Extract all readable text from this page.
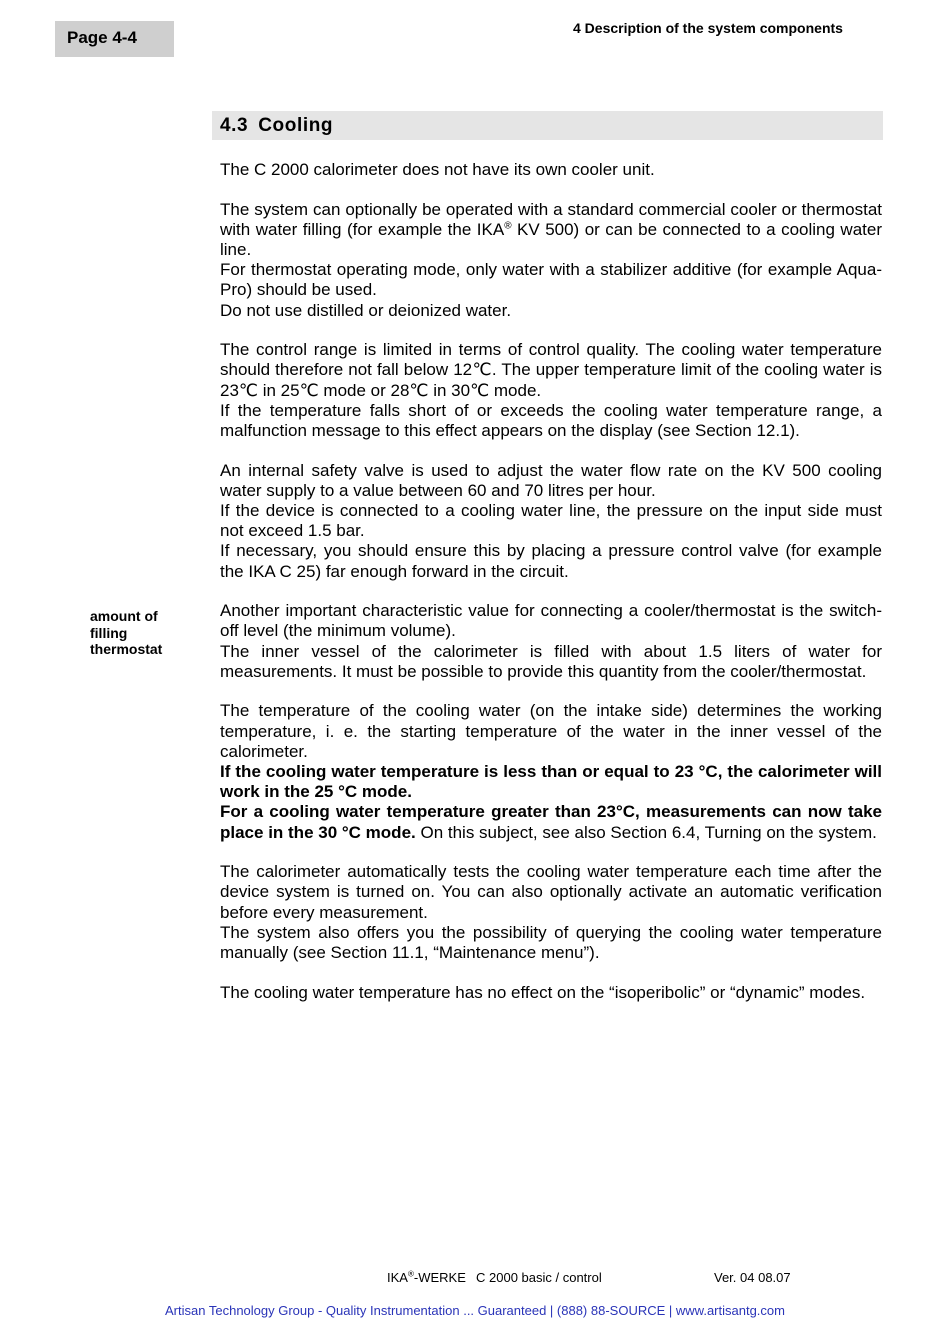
Page 4-4	4 Description of the system components
4.3 Cooling
amount of
filling
thermostat

The C 2000 calorimeter does not have its own cooler unit.

The system can optionally be operated with a standard commercial cooler or thermostat with water filling (for example the IKA® KV 500) or can be connected to a cooling water line.
For thermostat operating mode, only water with a stabilizer additive (for example Aqua-Pro) should be used.
Do not use distilled or deionized water.

The control range is limited in terms of control quality. The cooling water temperature should therefore not fall below 12℃. The upper temperature limit of the cooling water is 23℃ in 25℃ mode or 28℃ in 30℃ mode.
If the temperature falls short of or exceeds the cooling water temperature range, a malfunction message to this effect appears on the display (see Section 12.1).

An internal safety valve is used to adjust the water flow rate on the KV 500 cooling water supply to a value between 60 and 70 litres per hour.
If the device is connected to a cooling water line, the pressure on the input side must not exceed 1.5 bar.
If necessary, you should ensure this by placing a pressure control valve (for example the IKA C 25) far enough forward in the circuit.

Another important characteristic value for connecting a cooler/thermostat is the switch-off level (the minimum volume).
The inner vessel of the calorimeter is filled with about 1.5 liters of water for measurements. It must be possible to provide this quantity from the cooler/thermostat.

The temperature of the cooling water (on the intake side) determines the working temperature, i. e. the starting temperature of the water in the inner vessel of the calorimeter.
If the cooling water temperature is less than or equal to 23 °C, the calorimeter will work in the 25 °C mode.
For a cooling water temperature greater than 23°C, measurements can now take place in the 30 °C mode. On this subject, see also Section 6.4, Turning on the system.

The calorimeter automatically tests the cooling water temperature each time after the device system is turned on. You can also optionally activate an automatic verification before every measurement.
The system also offers you the possibility of querying the cooling water temperature manually (see Section 11.1, “Maintenance menu”).

The cooling water temperature has no effect on the “isoperibolic” or “dynamic” modes.

IKA®-WERKE C 2000 basic / control	Ver. 04 08.07
Artisan Technology Group - Quality Instrumentation ... Guaranteed | (888) 88-SOURCE | www.artisantg.com
